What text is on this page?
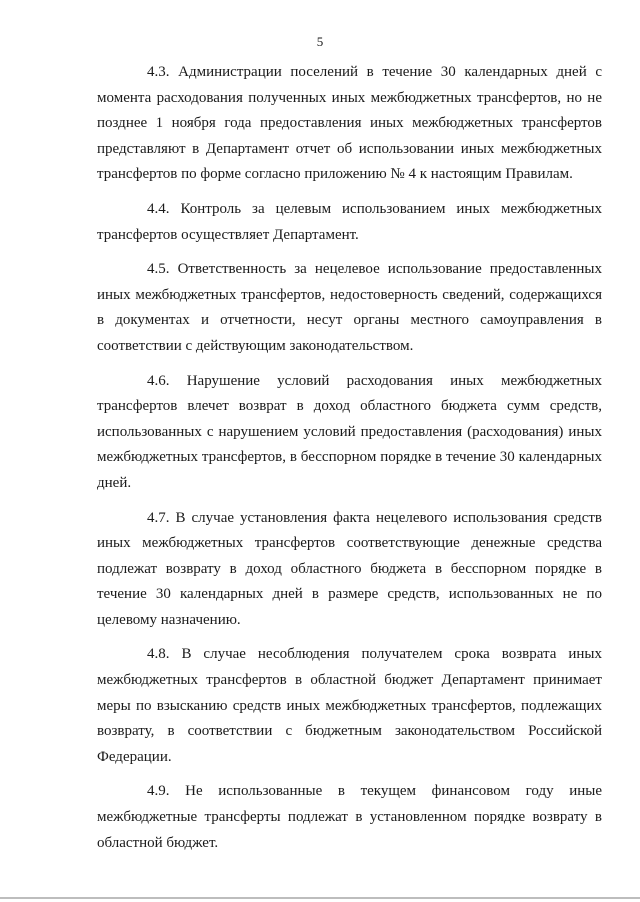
5

4.3. Администрации поселений в течение 30 календарных дней с момента расходования полученных иных межбюджетных трансфертов, но не позднее 1 ноября года предоставления иных межбюджетных трансфертов представляют в Департамент отчет об использовании иных межбюджетных трансфертов по форме согласно приложению № 4 к настоящим Правилам.

4.4. Контроль за целевым использованием иных межбюджетных трансфертов осуществляет Департамент.

4.5. Ответственность за нецелевое использование предоставленных иных межбюджетных трансфертов, недостоверность сведений, содержащихся в документах и отчетности, несут органы местного самоуправления в соответствии с действующим законодательством.

4.6. Нарушение условий расходования иных межбюджетных трансфертов влечет возврат в доход областного бюджета сумм средств, использованных с нарушением условий предоставления (расходования) иных межбюджетных трансфертов, в бесспорном порядке в течение 30 календарных дней.

4.7. В случае установления факта нецелевого использования средств иных межбюджетных трансфертов соответствующие денежные средства подлежат возврату в доход областного бюджета в бесспорном порядке в течение 30 календарных дней в размере средств, использованных не по целевому назначению.

4.8. В случае несоблюдения получателем срока возврата иных межбюджетных трансфертов в областной бюджет Департамент принимает меры по взысканию средств иных межбюджетных трансфертов, подлежащих возврату, в соответствии с бюджетным законодательством Российской Федерации.

4.9. Не использованные в текущем финансовом году иные межбюджетные трансферты подлежат в установленном порядке возврату в областной бюджет.
